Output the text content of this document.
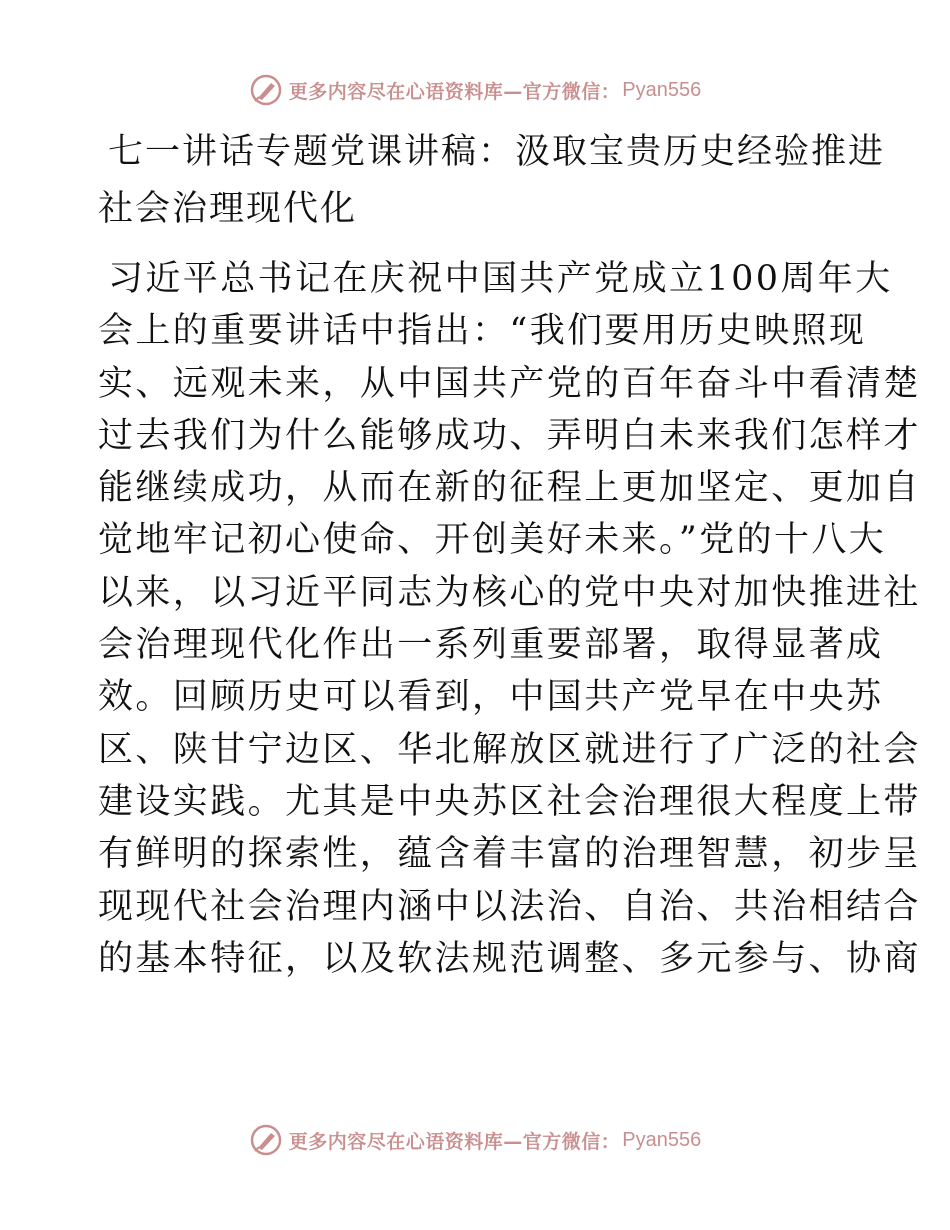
更多内容尽在心语资料库—官方微信： Pyan556
七一讲话专题党课讲稿：汲取宝贵历史经验推进
社会治理现代化
习近平总书记在庆祝中国共产党成立100周年大
会上的重要讲话中指出：“我们要用历史映照现
实、远观未来，从中国共产党的百年奋斗中看清楚
过去我们为什么能够成功、弄明白未来我们怎样才
能继续成功，从而在新的征程上更加坚定、更加自
觉地牢记初心使命、开创美好未来。”党的十八大
以来，以习近平同志为核心的党中央对加快推进社
会治理现代化作出一系列重要部署，取得显著成
效。回顾历史可以看到，中国共产党早在中央苏
区、陕甘宁边区、华北解放区就进行了广泛的社会
建设实践。尤其是中央苏区社会治理很大程度上带
有鲜明的探索性，蕴含着丰富的治理智慧，初步呈
现现代社会治理内涵中以法治、自治、共治相结合
的基本特征，以及软法规范调整、多元参与、协商
更多内容尽在心语资料库—官方微信： Pyan556
